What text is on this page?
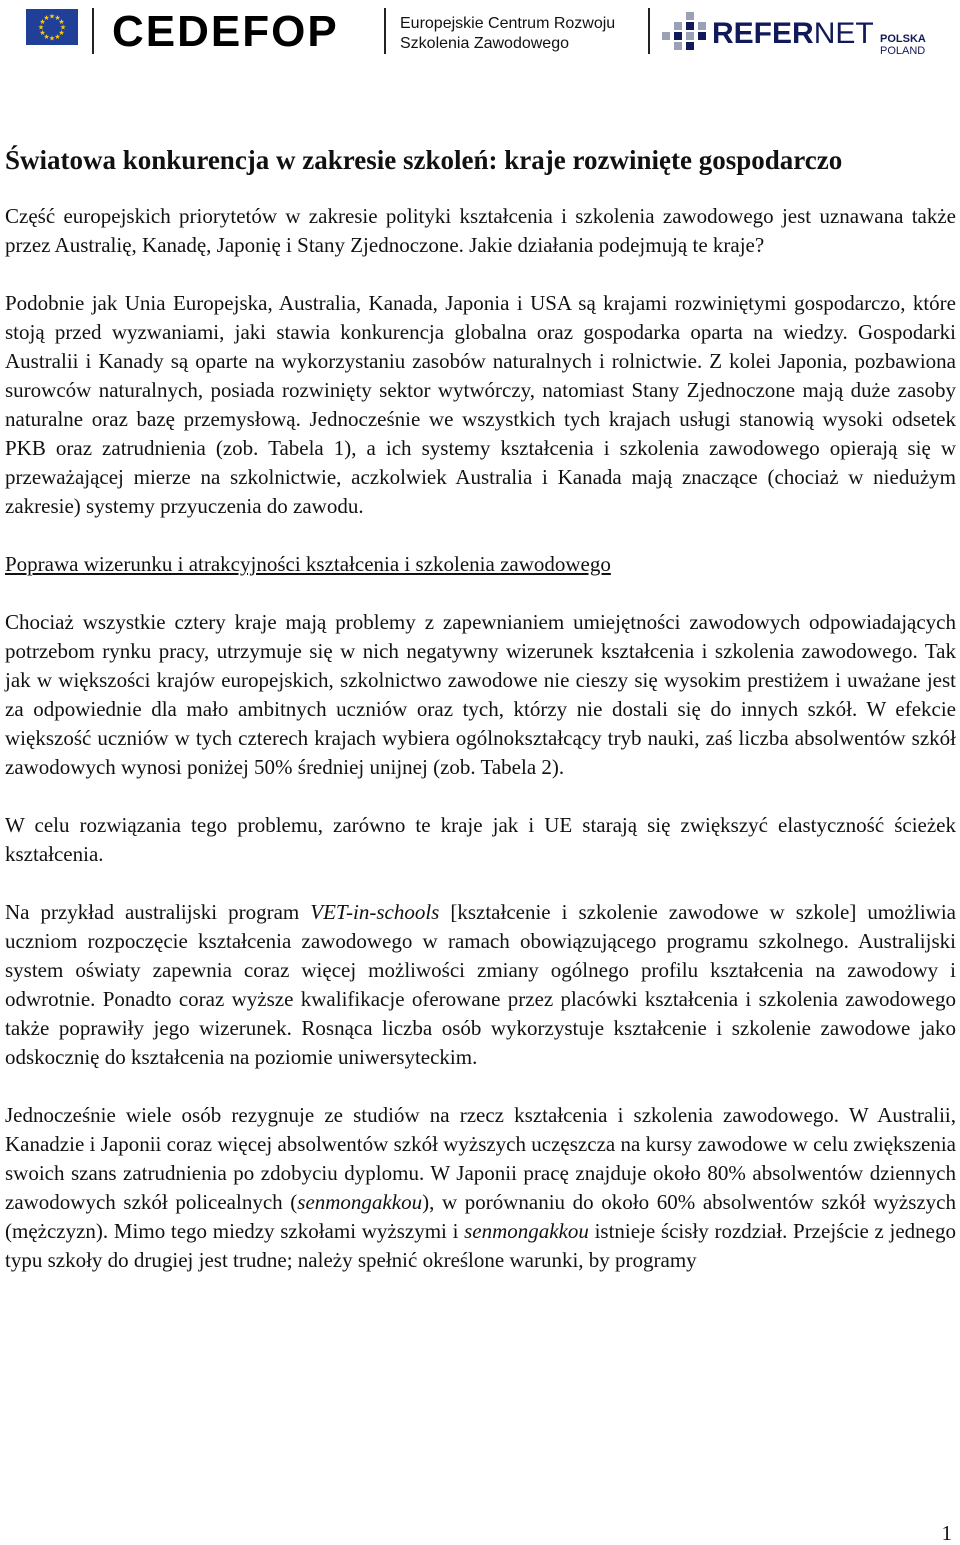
★ ★
★
★
★
★
★
★
★
★
★
★ CEDEFOP	Europejskie Centrum Rozwoju
Szkolenia Zawodowego	REFERNET POLSKA
POLAND
Światowa konkurencja w zakresie szkoleń: kraje rozwinięte gospodarczo

Część europejskich priorytetów w zakresie polityki kształcenia i szkolenia zawodowego jest uznawana także przez Australię, Kanadę, Japonię i Stany Zjednoczone. Jakie działania podejmują te kraje?

Podobnie jak Unia Europejska, Australia, Kanada, Japonia i USA są krajami rozwiniętymi gospodarczo, które stoją przed wyzwaniami, jaki stawia konkurencja globalna oraz gospodarka oparta na wiedzy. Gospodarki Australii i Kanady są oparte na wykorzystaniu zasobów naturalnych i rolnictwie. Z kolei Japonia, pozbawiona surowców naturalnych, posiada rozwinięty sektor wytwórczy, natomiast Stany Zjednoczone mają duże zasoby naturalne oraz bazę przemysłową. Jednocześnie we wszystkich tych krajach usługi stanowią wysoki odsetek PKB oraz zatrudnienia (zob. Tabela 1), a ich systemy kształcenia i szkolenia zawodowego opierają się w przeważającej mierze na szkolnictwie, aczkolwiek Australia i Kanada mają znaczące (chociaż w niedużym zakresie) systemy przyuczenia do zawodu.

Poprawa wizerunku i atrakcyjności kształcenia i szkolenia zawodowego

Chociaż wszystkie cztery kraje mają problemy z zapewnianiem umiejętności zawodowych odpowiadających potrzebom rynku pracy, utrzymuje się w nich negatywny wizerunek kształcenia i szkolenia zawodowego. Tak jak w większości krajów europejskich, szkolnictwo zawodowe nie cieszy się wysokim prestiżem i uważane jest za odpowiednie dla mało ambitnych uczniów oraz tych, którzy nie dostali się do innych szkół. W efekcie większość uczniów w tych czterech krajach wybiera ogólnokształcący tryb nauki, zaś liczba absolwentów szkół zawodowych wynosi poniżej 50% średniej unijnej (zob. Tabela 2).

W celu rozwiązania tego problemu, zarówno te kraje jak i UE starają się zwiększyć elastyczność ścieżek kształcenia.

Na przykład australijski program VET-in-schools [kształcenie i szkolenie zawodowe w szkole] umożliwia uczniom rozpoczęcie kształcenia zawodowego w ramach obowiązującego programu szkolnego. Australijski system oświaty zapewnia coraz więcej możliwości zmiany ogólnego profilu kształcenia na zawodowy i odwrotnie. Ponadto coraz wyższe kwalifikacje oferowane przez placówki kształcenia i szkolenia zawodowego także poprawiły jego wizerunek. Rosnąca liczba osób wykorzystuje kształcenie i szkolenie zawodowe jako odskocznię do kształcenia na poziomie uniwersyteckim.

Jednocześnie wiele osób rezygnuje ze studiów na rzecz kształcenia i szkolenia zawodowego. W Australii, Kanadzie i Japonii coraz więcej absolwentów szkół wyższych uczęszcza na kursy zawodowe w celu zwiększenia swoich szans zatrudnienia po zdobyciu dyplomu. W Japonii pracę znajduje około 80% absolwentów dziennych zawodowych szkół policealnych (senmongakkou), w porównaniu do około 60% absolwentów szkół wyższych (mężczyzn). Mimo tego miedzy szkołami wyższymi i senmongakkou istnieje ścisły rozdział. Przejście z jednego typu szkoły do drugiej jest trudne; należy spełnić określone warunki, by programy

1
